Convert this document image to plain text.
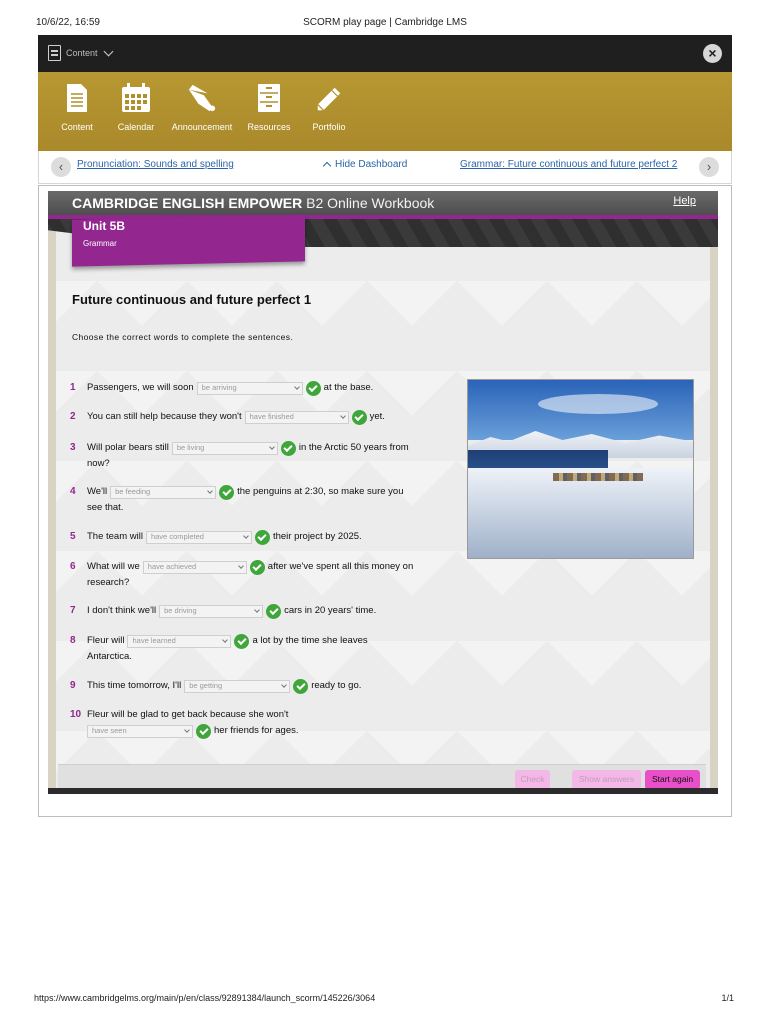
10/6/22, 16:59	SCORM play page | Cambridge LMS
Content	×
Content	Calendar Announcement Resources Portfolio
‹	Pronunciation: Sounds and spelling	Hide Dashboard	Grammar: Future continuous and future perfect 2	›
CAMBRIDGE ENGLISH EMPOWER B2 Online Workbook	Help
Unit 5B
Grammar
Future continuous and future perfect 1
Choose the correct words to complete the sentences.
1 Passengers, we will soon be arriving	at the base.
2 You can still help because they won't have finished	yet.
3 Will polar bears still be living	in the Arctic 50 years from
now?
4 We'll be feeding	the penguins at 2:30, so make sure you
see that.
5 The team will have completed	their project by 2025.
6 What will we have achieved	after we've spent all this money on
research?
7 I don't think we'll be driving	cars in 20 years' time.
8 Fleur will have learned	a lot by the time she leaves
Antarctica.
9 This time tomorrow, I'll be getting	ready to go.
10 Fleur will be glad to get back because she won't
have seen	her friends for ages.
Check	Show answers	Start again
https://www.cambridgelms.org/main/p/en/class/92891384/launch_scorm/145226/3064	1/1
